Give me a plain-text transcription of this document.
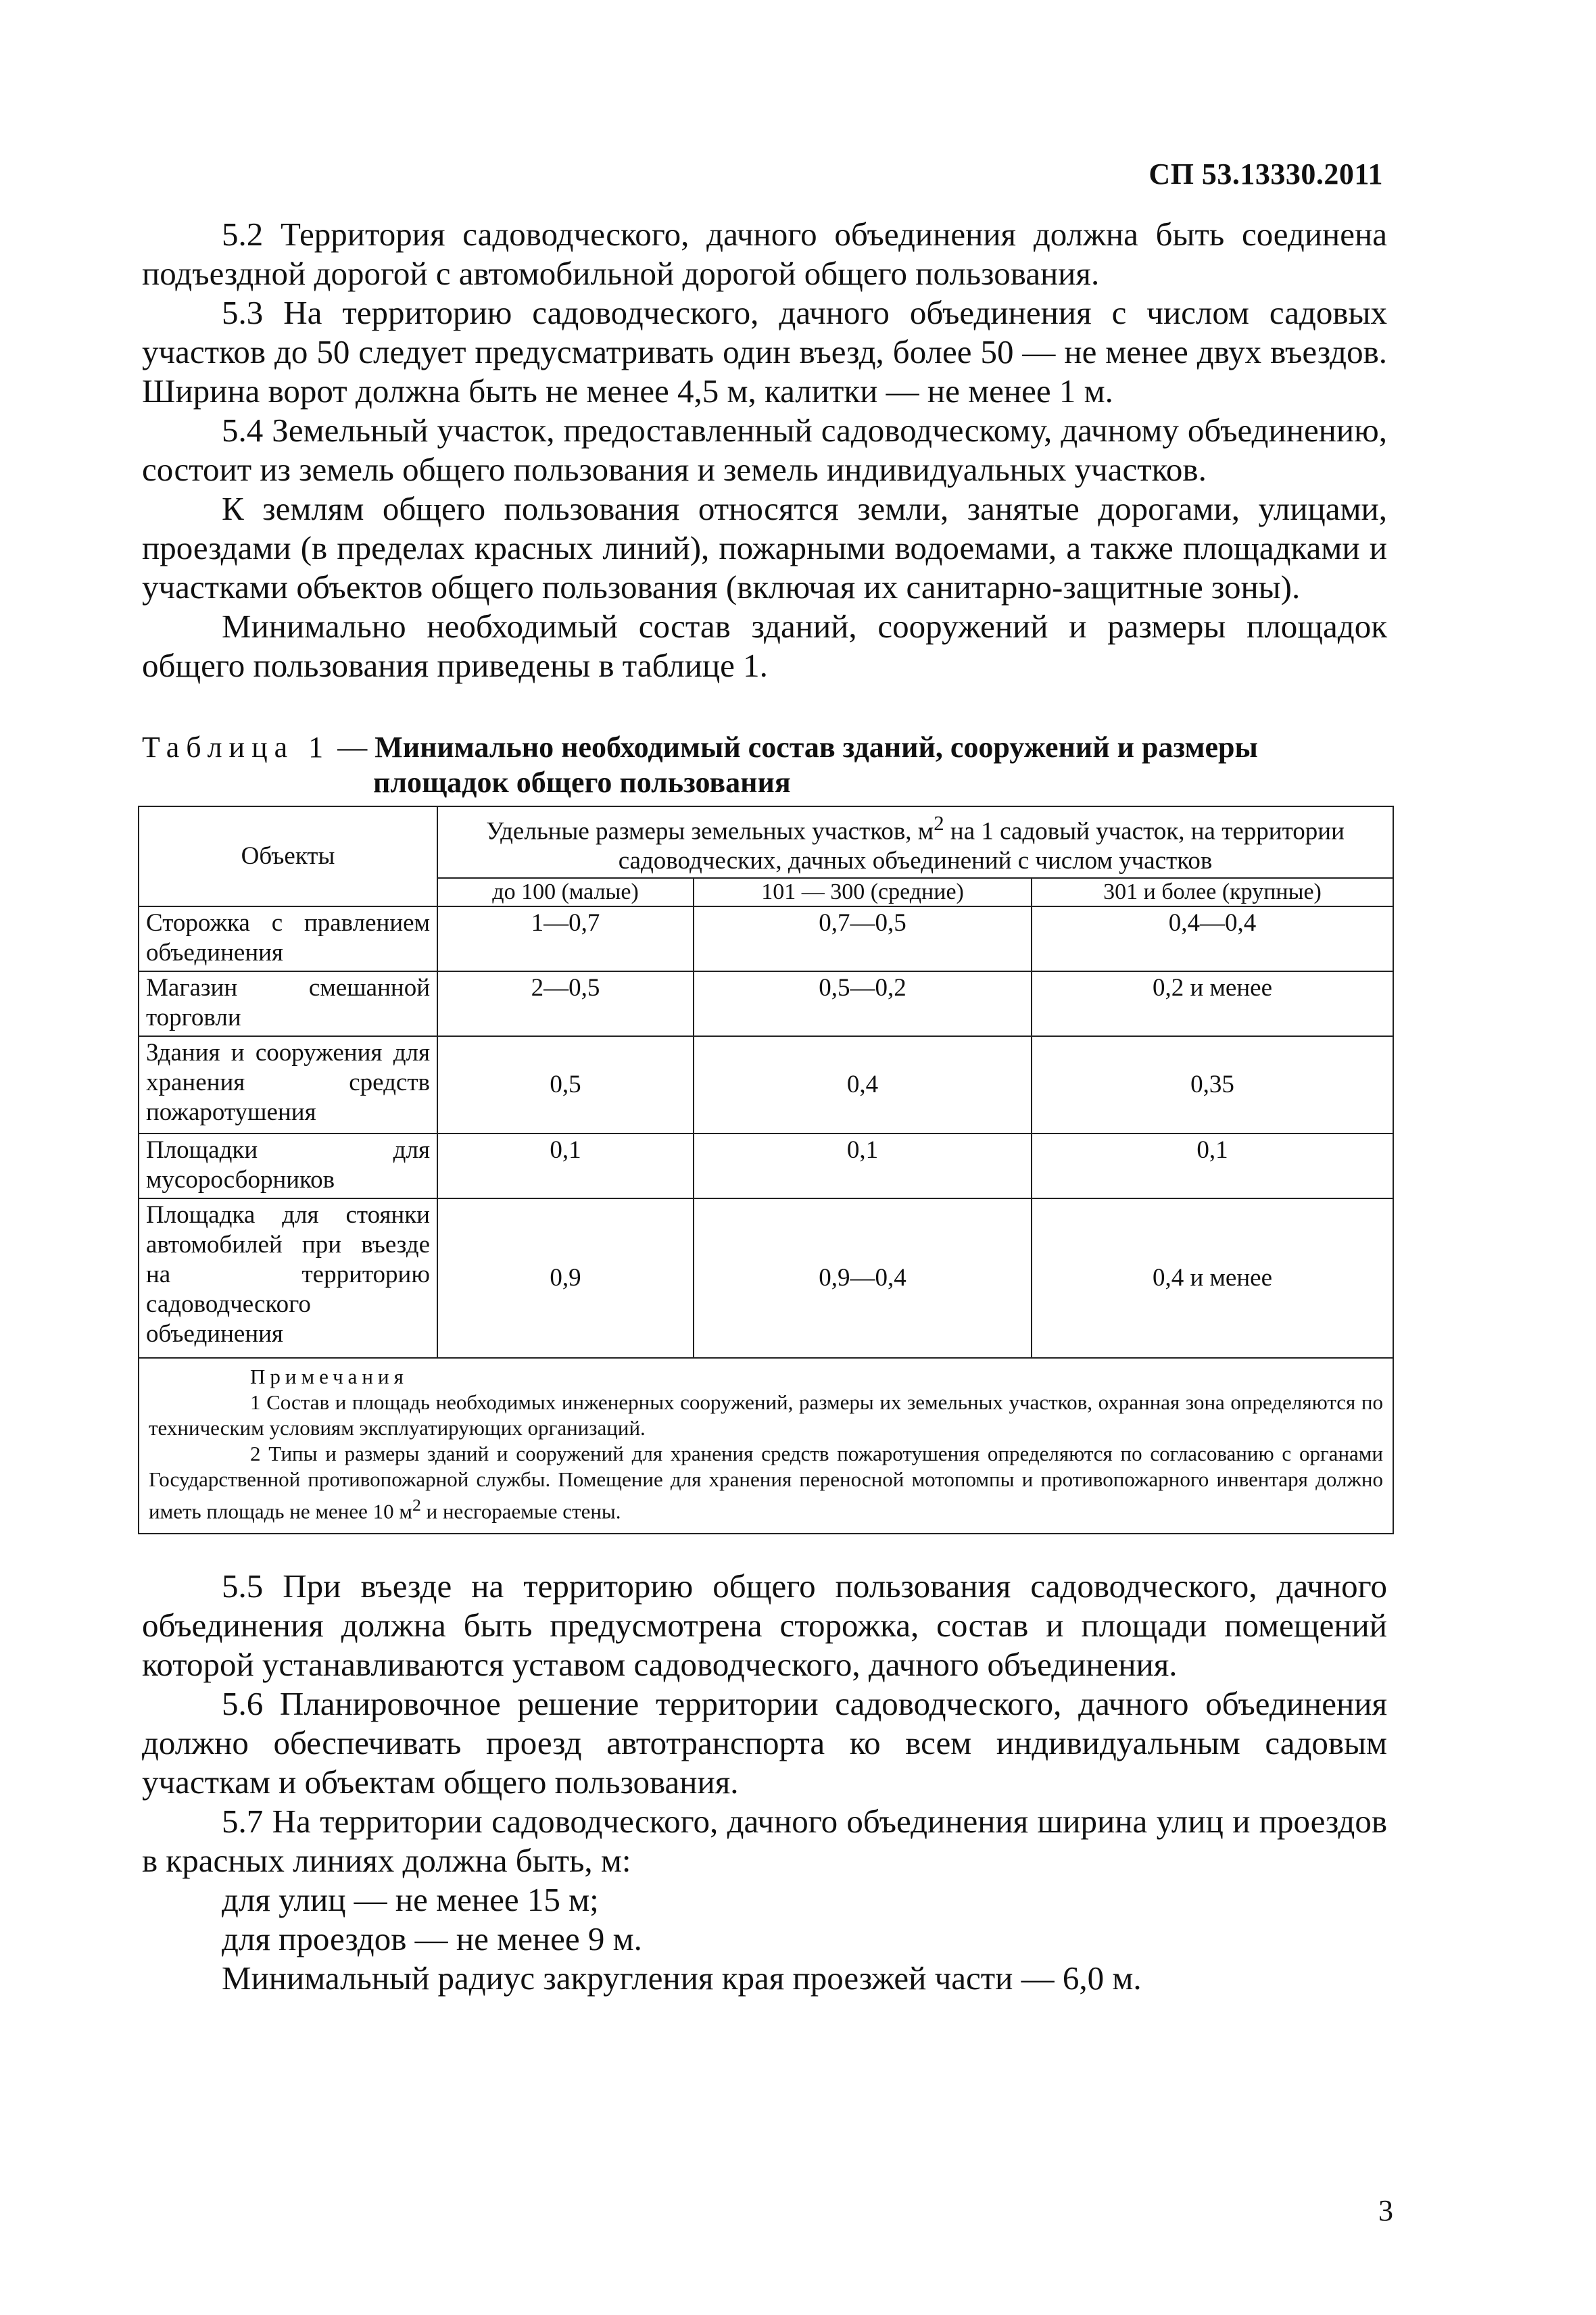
СП 53.13330.2011

5.2 Территория садоводческого, дачного объединения должна быть соединена подъездной дорогой с автомобильной дорогой общего пользования.

5.3 На территорию садоводческого, дачного объединения с числом садовых участков до 50 следует предусматривать один въезд, более 50 — не менее двух въездов. Ширина ворот должна быть не менее 4,5 м, калитки — не менее 1 м.

5.4 Земельный участок, предоставленный садоводческому, дачному объединению, состоит из земель общего пользования и земель индивидуальных участков.

К землям общего пользования относятся земли, занятые дорогами, улицами, проездами (в пределах красных линий), пожарными водоемами, а также площадками и участками объектов общего пользования (включая их санитарно-защитные зоны).

Минимально необходимый состав зданий, сооружений и размеры площадок общего пользования приведены в таблице 1.

Таблица 1 — Минимально необходимый состав зданий, сооружений и размеры
площадок общего пользования
Объекты	Удельные размеры земельных участков, $м^2$ на 1 садовый участок, на территории садоводческих, дачных объединений с числом участков		
	до 100 (малые)	101 — 300 (средние)	301 и более (крупные)
Сторожка с правлением объединения	1—0,7	0,7—0,5	0,4—0,4
Магазин смешанной торговли	2—0,5	0,5—0,2	0,2 и менее
Здания и сооружения для хранения средств пожаротушения	0,5	0,4	0,35
Площадки для мусоросборников	0,1	0,1	0,1
Площадка для стоянки автомобилей при въезде на территорию садоводческого объединения	0,9	0,9—0,4	0,4 и менее

Примечания

1 Состав и площадь необходимых инженерных сооружений, размеры их земельных участков, охранная зона определяются по техническим условиям эксплуатирующих организаций.

2 Типы и размеры зданий и сооружений для хранения средств пожаротушения определяются по согласованию с органами Государственной противопожарной службы. Помещение для хранения переносной мотопомпы и противопожарного инвентаря должно иметь площадь не менее 10 $м^2$ и несгораемые стены.			

5.5 При въезде на территорию общего пользования садоводческого, дачного объединения должна быть предусмотрена сторожка, состав и площади помещений которой устанавливаются уставом садоводческого, дачного объединения.

5.6 Планировочное решение территории садоводческого, дачного объединения должно обеспечивать проезд автотранспорта ко всем индивидуальным садовым участкам и объектам общего пользования.

5.7 На территории садоводческого, дачного объединения ширина улиц и проездов в красных линиях должна быть, м:

для улиц — не менее 15 м;

для проездов — не менее 9 м.

Минимальный радиус закругления края проезжей части — 6,0 м.

3
